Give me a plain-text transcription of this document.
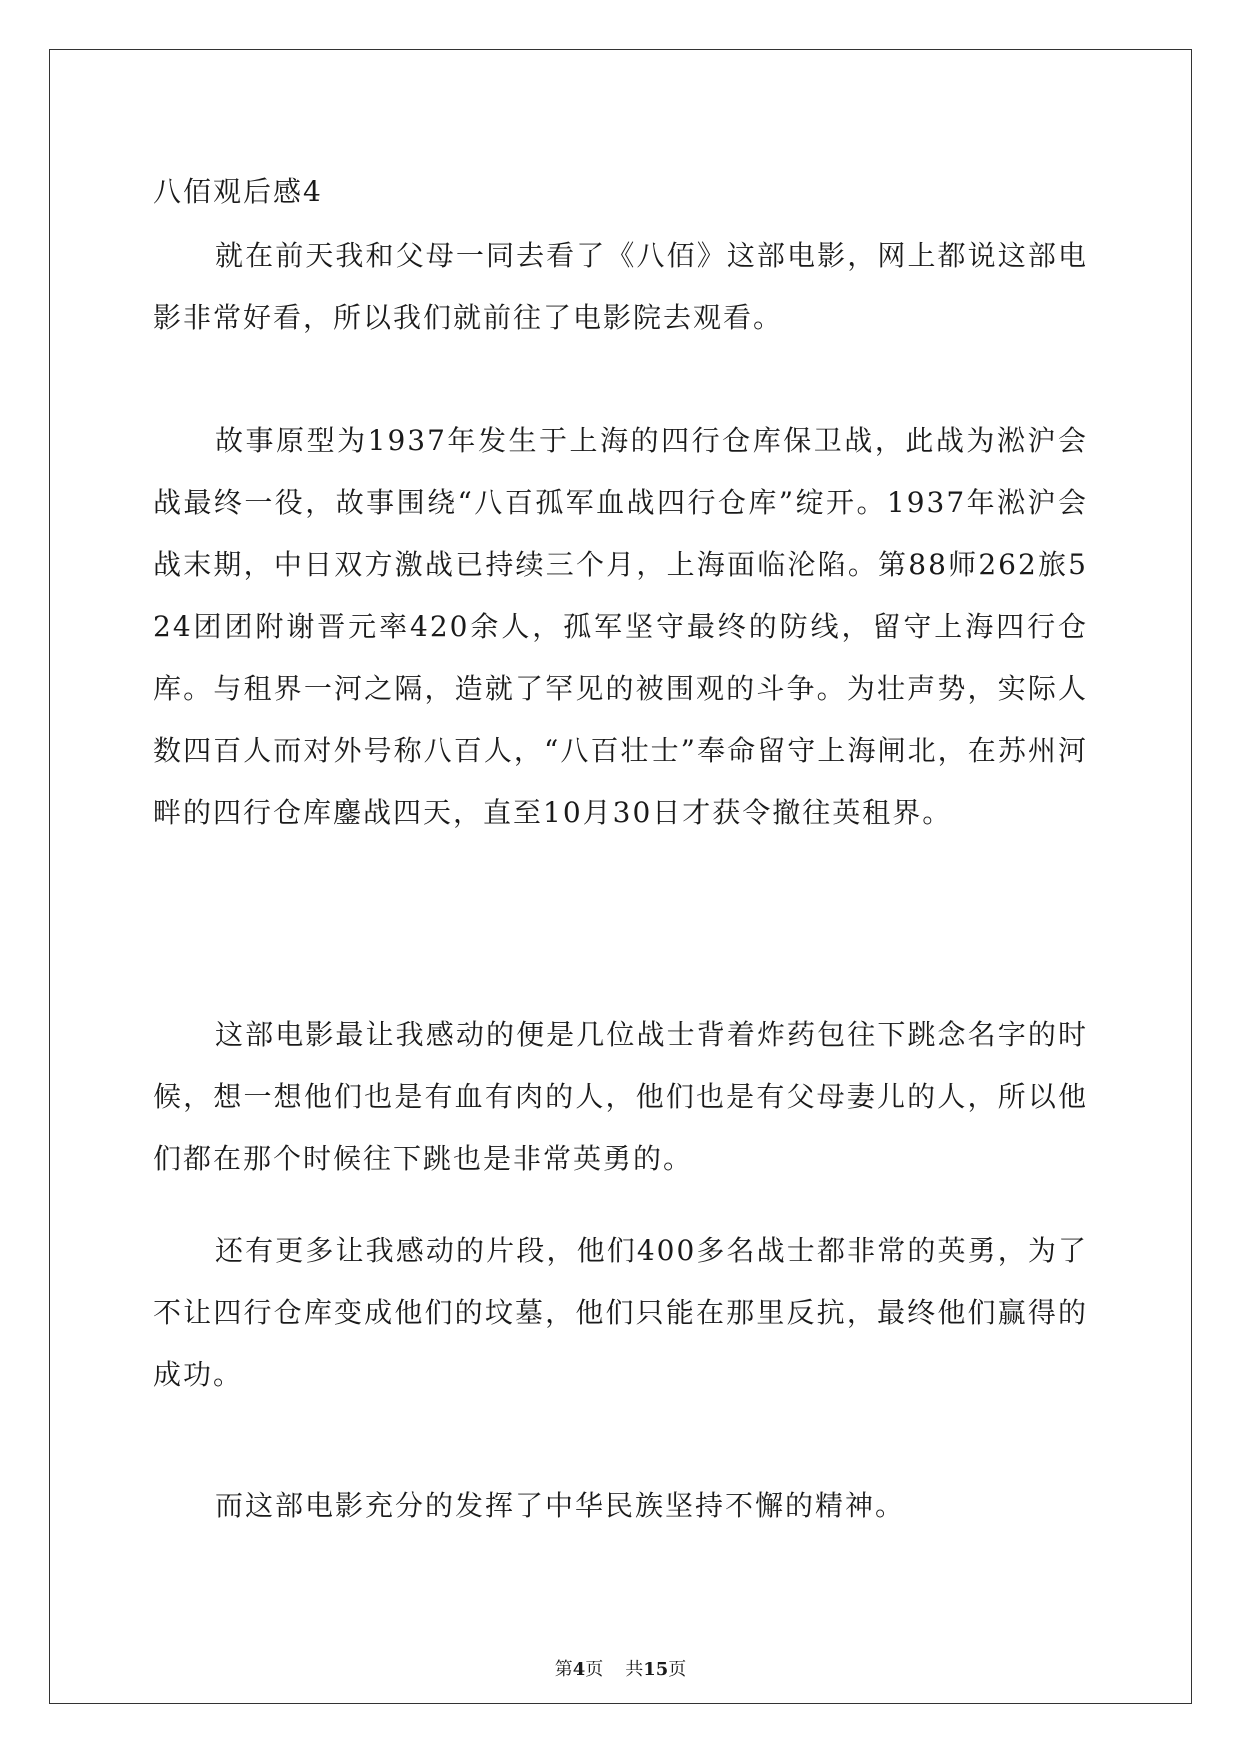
八佰观后感4

就在前天我和父母一同去看了《八佰》这部电影，网上都说这部电影非常好看，所以我们就前往了电影院去观看。

故事原型为1937年发生于上海的四行仓库保卫战，此战为淞沪会战最终一役，故事围绕“八百孤军血战四行仓库”绽开。1937年淞沪会战末期，中日双方激战已持续三个月，上海面临沦陷。第88师262旅524团团附谢晋元率420余人，孤军坚守最终的防线，留守上海四行仓库。与租界一河之隔，造就了罕见的被围观的斗争。为壮声势，实际人数四百人而对外号称八百人，“八百壮士”奉命留守上海闸北，在苏州河畔的四行仓库鏖战四天，直至10月30日才获令撤往英租界。

这部电影最让我感动的便是几位战士背着炸药包往下跳念名字的时候，想一想他们也是有血有肉的人，他们也是有父母妻儿的人，所以他们都在那个时候往下跳也是非常英勇的。

还有更多让我感动的片段，他们400多名战士都非常的英勇，为了不让四行仓库变成他们的坟墓，他们只能在那里反抗，最终他们赢得的成功。

而这部电影充分的发挥了中华民族坚持不懈的精神。

第4页 共15页
